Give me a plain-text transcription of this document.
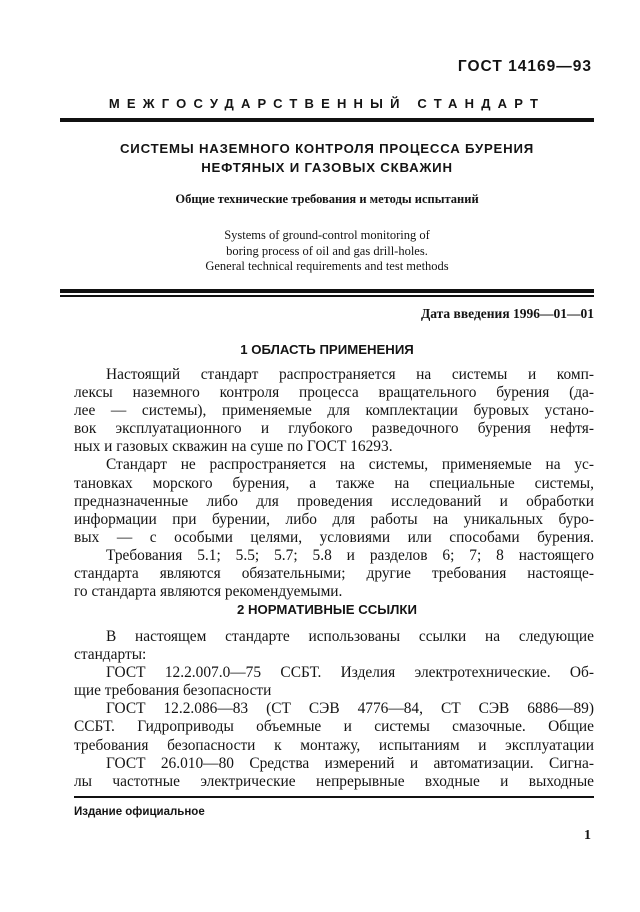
ГОСТ 14169—93
МЕЖГОСУДАРСТВЕННЫЙ СТАНДАРТ
СИСТЕМЫ НАЗЕМНОГО КОНТРОЛЯ ПРОЦЕССА БУРЕНИЯ
НЕФТЯНЫХ И ГАЗОВЫХ СКВАЖИН
Общие технические требования и методы испытаний
Systems of ground-control monitoring of
boring process of oil and gas drill-holes.
General technical requirements and test methods
Дата введения 1996—01—01
1 ОБЛАСТЬ ПРИМЕНЕНИЯ
Настоящий стандарт распространяется на системы и комп-
лексы наземного контроля процесса вращательного бурения (да-
лее — системы), применяемые для комплектации буровых устано-
вок эксплуатационного и глубокого разведочного бурения нефтя-
ных и газовых скважин на суше по ГОСТ 16293.
Стандарт не распространяется на системы, применяемые на ус-
тановках морского бурения, а также на специальные системы,
предназначенные либо для проведения исследований и обработки
информации при бурении, либо для работы на уникальных буро-
вых — с особыми целями, условиями или способами бурения.
Требования 5.1; 5.5; 5.7; 5.8 и разделов 6; 7; 8 настоящего
стандарта являются обязательными; другие требования настояще-
го стандарта являются рекомендуемыми.
2 НОРМАТИВНЫЕ ССЫЛКИ
В настоящем стандарте использованы ссылки на следующие
стандарты:
ГОСТ 12.2.007.0—75 ССБТ. Изделия электротехнические. Об-
щие требования безопасности
ГОСТ 12.2.086—83 (СТ СЭВ 4776—84, СТ СЭВ 6886—89)
ССБТ. Гидроприводы объемные и системы смазочные. Общие
требования безопасности к монтажу, испытаниям и эксплуатации
ГОСТ 26.010—80 Средства измерений и автоматизации. Сигна-
лы частотные электрические непрерывные входные и выходные
Издание официальное
1
